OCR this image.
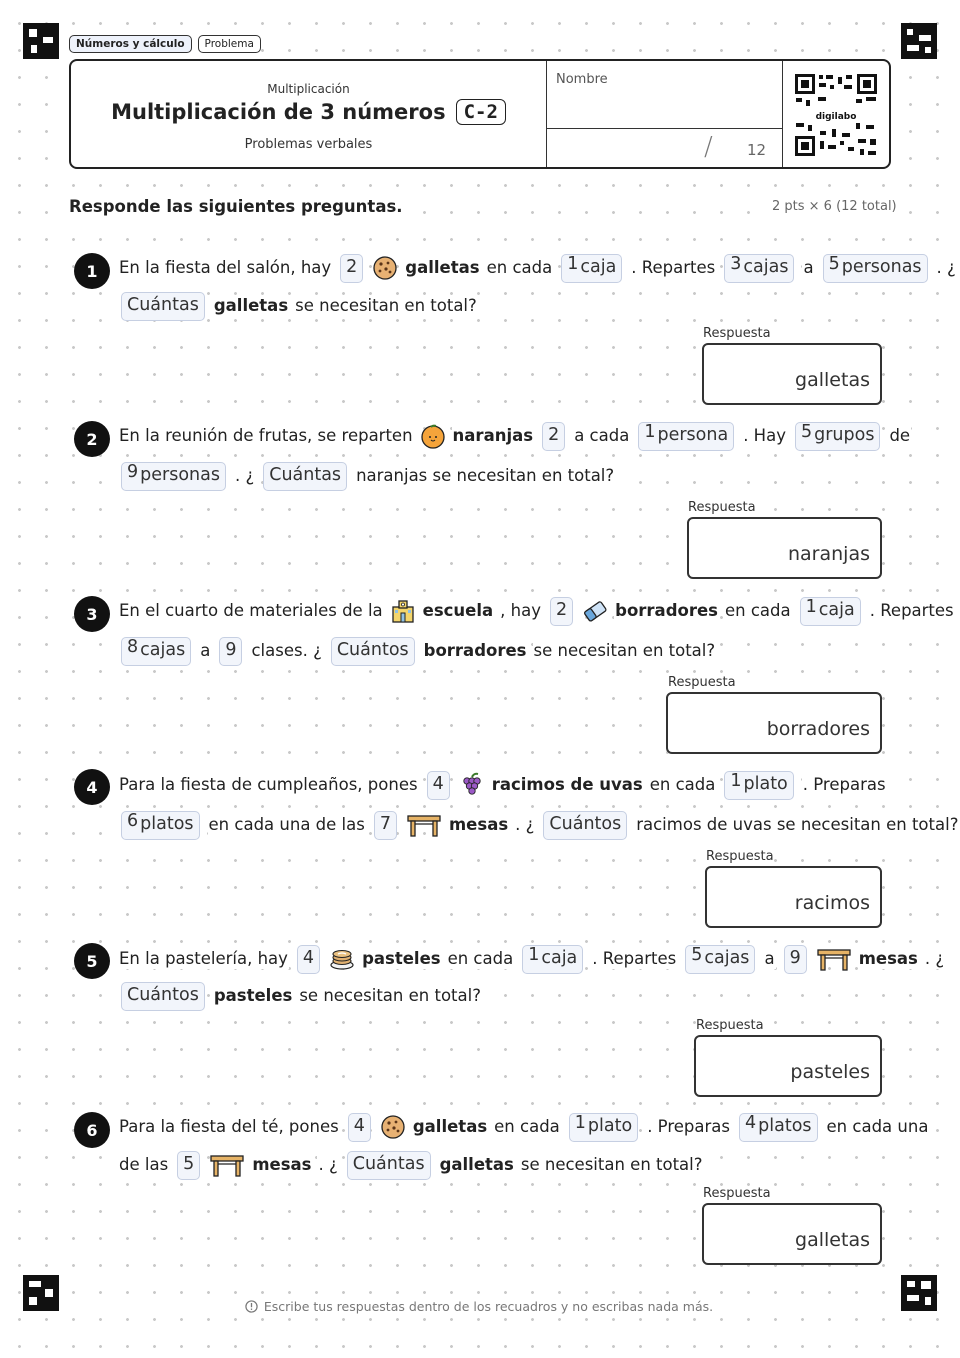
Números y cálculo	Problema
Multiplicación
Multiplicación de 3 números C-2
Problemas verbales
Nombre
/ 12
digilabo
Responde las siguientes preguntas.	2 pts × 6 (12 total)
1	En la fiesta del salón, hay 2	galletas en cada 1 caja . Repartes 3 cajas a 5 personas . ¿
Cuántas galletas se necesitan en total?
Respuesta
galletas
2	En la reunión de frutas, se reparten naranjas 2 a cada 1 persona . Hay 5 grupos de
9 personas . ¿ Cuántas naranjas se necesitan en total?
Respuesta
naranjas
3	En el cuarto de materiales de la escuela , hay 2	borradores en cada 1 caja . Repartes
8 cajas a 9 clases. ¿ Cuántos borradores se necesitan en total?
Respuesta
borradores
4	Para la fiesta de cumpleaños, pones 4	racimos de uvas en cada 1 plato . Preparas
6 platos en cada una de las 7	mesas . ¿ Cuántos racimos de uvas se necesitan en total?
Respuesta
racimos
5	En la pastelería, hay 4	pasteles en cada 1 caja . Repartes 5 cajas a 9	mesas . ¿
Cuántos pasteles se necesitan en total?
Respuesta
pasteles
6	Para la fiesta del té, pones 4	galletas en cada 1 plato . Preparas 4 platos en cada una
de las 5	mesas . ¿ Cuántas galletas se necesitan en total?
Respuesta
galletas
Escribe tus respuestas dentro de los recuadros y no escribas nada más.
